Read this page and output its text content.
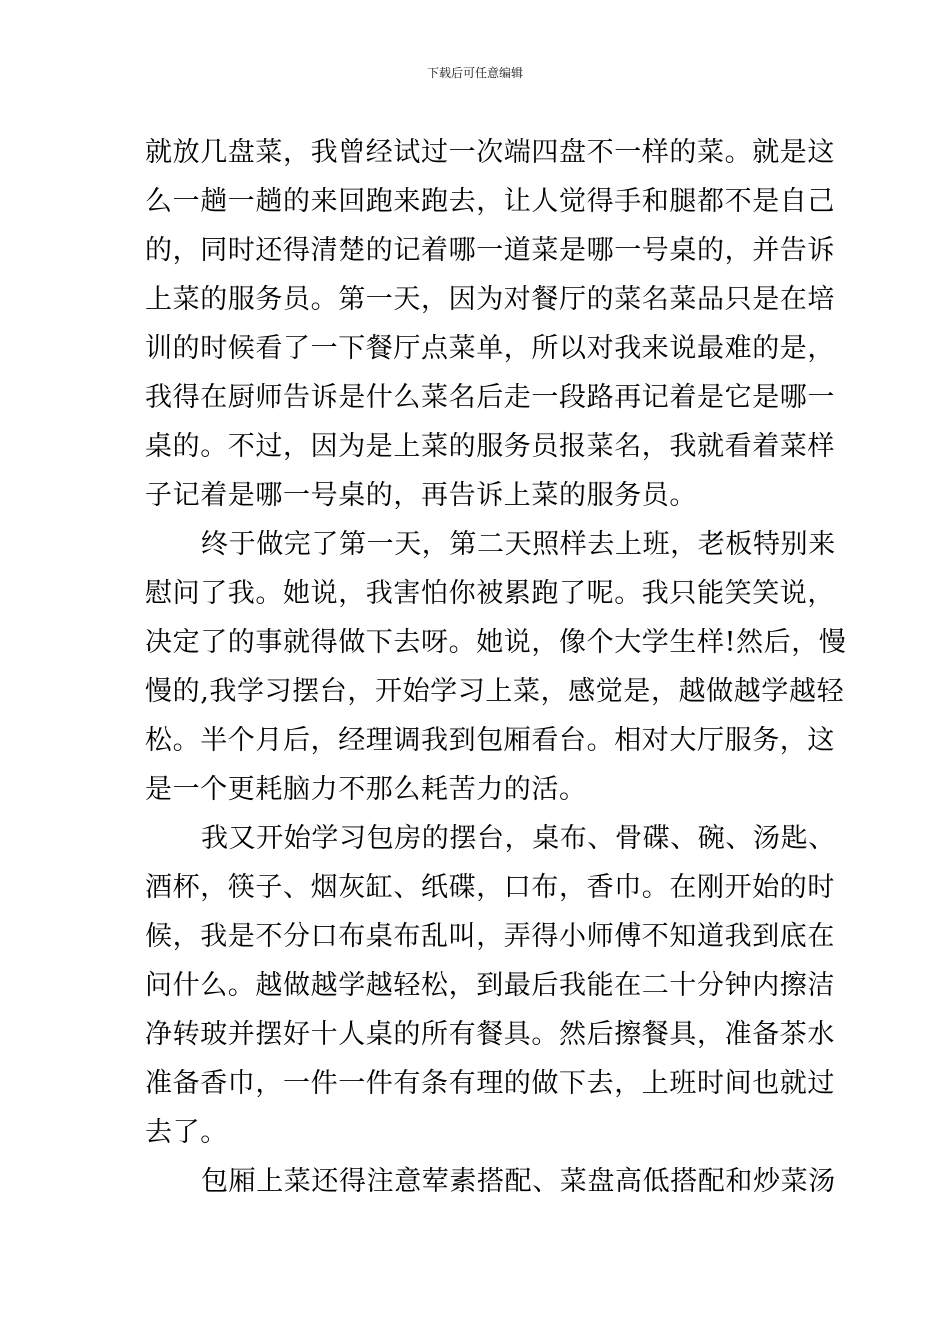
下载后可任意编辑
就放几盘菜，我曾经试过一次端四盘不一样的菜。就是这
么一趟一趟的来回跑来跑去，让人觉得手和腿都不是自己
的，同时还得清楚的记着哪一道菜是哪一号桌的，并告诉
上菜的服务员。第一天，因为对餐厅的菜名菜品只是在培
训的时候看了一下餐厅点菜单，所以对我来说最难的是，
我得在厨师告诉是什么菜名后走一段路再记着是它是哪一
桌的。不过，因为是上菜的服务员报菜名，我就看着菜样
子记着是哪一号桌的，再告诉上菜的服务员。
终于做完了第一天，第二天照样去上班，老板特别来
慰问了我。她说，我害怕你被累跑了呢。我只能笑笑说，
决定了的事就得做下去呀。她说，像个大学生样!然后，慢
慢的,我学习摆台，开始学习上菜，感觉是，越做越学越轻
松。半个月后，经理调我到包厢看台。相对大厅服务，这
是一个更耗脑力不那么耗苦力的活。
我又开始学习包房的摆台，桌布、骨碟、碗、汤匙、
酒杯，筷子、烟灰缸、纸碟，口布，香巾。在刚开始的时
候，我是不分口布桌布乱叫，弄得小师傅不知道我到底在
问什么。越做越学越轻松，到最后我能在二十分钟内擦洁
净转玻并摆好十人桌的所有餐具。然后擦餐具，准备茶水
准备香巾，一件一件有条有理的做下去，上班时间也就过
去了。
包厢上菜还得注意荤素搭配、菜盘高低搭配和炒菜汤
